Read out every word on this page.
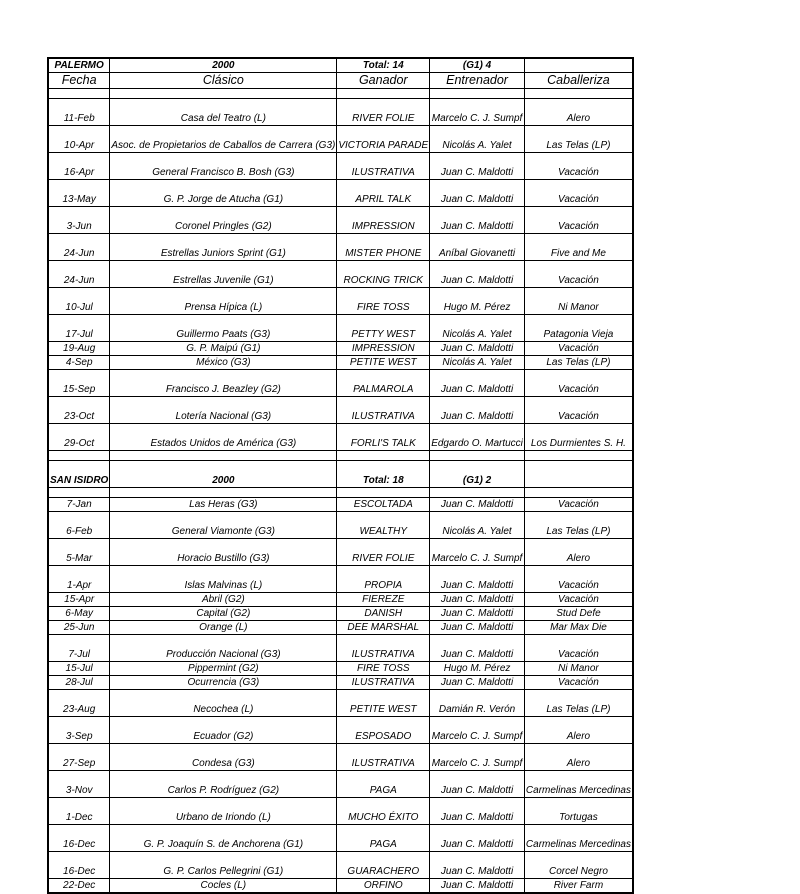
PALERMO	2000	Total: 14	(G1) 4	
Fecha	Clásico	Ganador	Entrenador	Caballeriza

11-Feb	Casa del Teatro (L)	RIVER FOLIE	Marcelo C. J. Sumpf	Alero
10-Apr	Asoc. de Propietarios de Caballos de Carrera (G3)	VICTORIA PARADE	Nicolás A. Yalet	Las Telas (LP)
16-Apr	General Francisco B. Bosh (G3)	ILUSTRATIVA	Juan C. Maldotti	Vacación
13-May	G. P. Jorge de Atucha (G1)	APRIL TALK	Juan C. Maldotti	Vacación
3-Jun	Coronel Pringles (G2)	IMPRESSION	Juan C. Maldotti	Vacación
24-Jun	Estrellas Juniors Sprint (G1)	MISTER PHONE	Aníbal Giovanetti	Five and Me
24-Jun	Estrellas Juvenile (G1)	ROCKING TRICK	Juan C. Maldotti	Vacación
10-Jul	Prensa Hípica (L)	FIRE TOSS	Hugo M. Pérez	Ni Manor
17-Jul	Guillermo Paats (G3)	PETTY WEST	Nicolás A. Yalet	Patagonia Vieja
19-Aug	G. P. Maipú (G1)	IMPRESSION	Juan C. Maldotti	Vacación
4-Sep	México (G3)	PETITE WEST	Nicolás A. Yalet	Las Telas (LP)
15-Sep	Francisco J. Beazley (G2)	PALMAROLA	Juan C. Maldotti	Vacación
23-Oct	Lotería Nacional (G3)	ILUSTRATIVA	Juan C. Maldotti	Vacación
29-Oct	Estados Unidos de América (G3)	FORLI'S TALK	Edgardo O. Martucci	Los Durmientes S. H.

SAN ISIDRO	2000	Total: 18	(G1) 2	

7-Jan	Las Heras (G3)	ESCOLTADA	Juan C. Maldotti	Vacación
6-Feb	General Viamonte (G3)	WEALTHY	Nicolás A. Yalet	Las Telas (LP)
5-Mar	Horacio Bustillo (G3)	RIVER FOLIE	Marcelo C. J. Sumpf	Alero
1-Apr	Islas Malvinas (L)	PROPIA	Juan C. Maldotti	Vacación
15-Apr	Abril (G2)	FIEREZE	Juan C. Maldotti	Vacación
6-May	Capital (G2)	DANISH	Juan C. Maldotti	Stud Defe
25-Jun	Orange (L)	DEE MARSHAL	Juan C. Maldotti	Mar Max Die
7-Jul	Producción Nacional (G3)	ILUSTRATIVA	Juan C. Maldotti	Vacación
15-Jul	Pippermint (G2)	FIRE TOSS	Hugo M. Pérez	Ni Manor
28-Jul	Ocurrencia (G3)	ILUSTRATIVA	Juan C. Maldotti	Vacación
23-Aug	Necochea (L)	PETITE WEST	Damián R. Verón	Las Telas (LP)
3-Sep	Ecuador (G2)	ESPOSADO	Marcelo C. J. Sumpf	Alero
27-Sep	Condesa (G3)	ILUSTRATIVA	Marcelo C. J. Sumpf	Alero
3-Nov	Carlos P. Rodríguez (G2)	PAGA	Juan C. Maldotti	Carmelinas Mercedinas
1-Dec	Urbano de Iriondo (L)	MUCHO ÉXITO	Juan C. Maldotti	Tortugas
16-Dec	G. P. Joaquín S. de Anchorena (G1)	PAGA	Juan C. Maldotti	Carmelinas Mercedinas
16-Dec	G. P. Carlos Pellegrini (G1)	GUARACHERO	Juan C. Maldotti	Corcel Negro
22-Dec	Cocles (L)	ORFINO	Juan C. Maldotti	River Farm
